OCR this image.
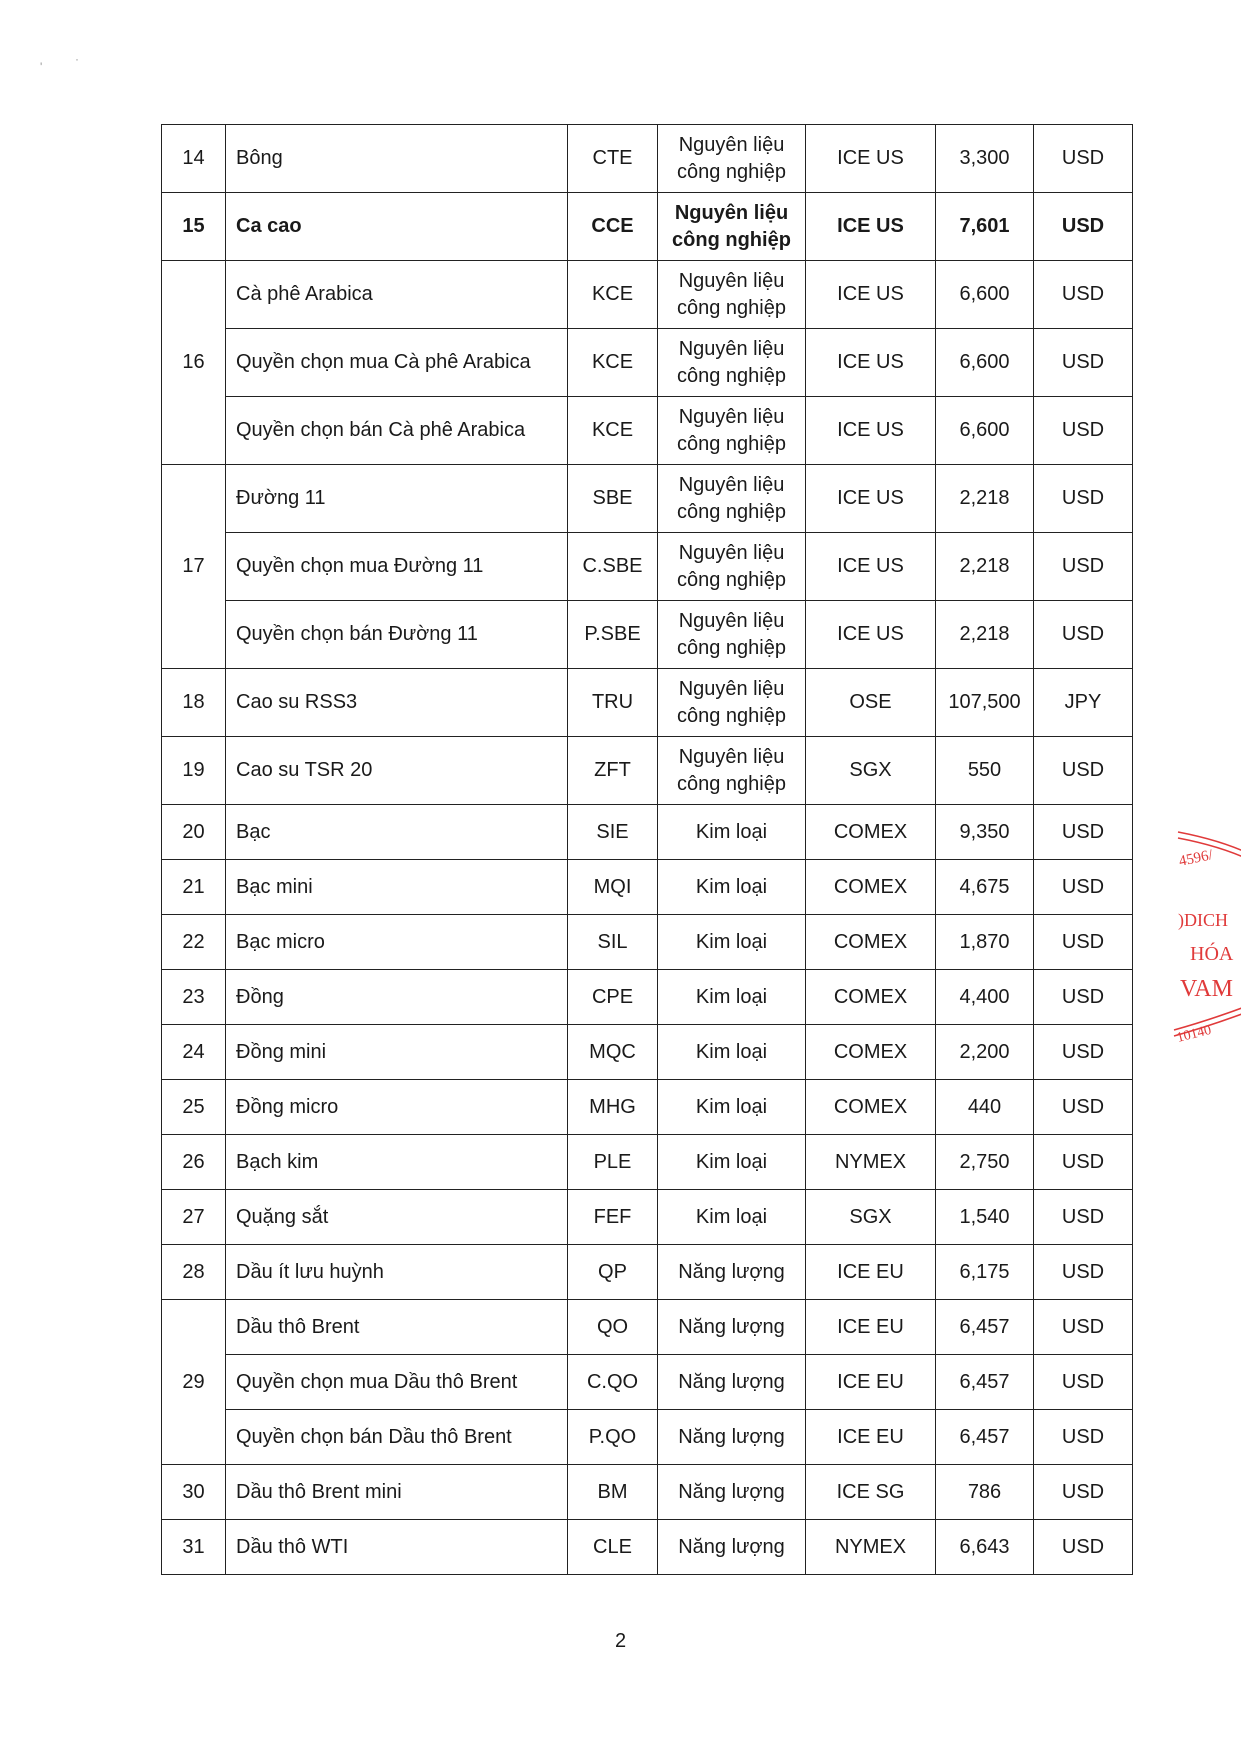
14	Bông	CTE	Nguyên liệu
công nghiệp	ICE US	3,300	USD
15	Ca cao	CCE	Nguyên liệu
công nghiệp	ICE US	7,601	USD
16	Cà phê Arabica	KCE	Nguyên liệu
công nghiệp	ICE US	6,600	USD
	Quyền chọn mua Cà phê Arabica	KCE	Nguyên liệu
công nghiệp	ICE US	6,600	USD
	Quyền chọn bán Cà phê Arabica	KCE	Nguyên liệu
công nghiệp	ICE US	6,600	USD
17	Đường 11	SBE	Nguyên liệu
công nghiệp	ICE US	2,218	USD
	Quyền chọn mua Đường 11	C.SBE	Nguyên liệu
công nghiệp	ICE US	2,218	USD
	Quyền chọn bán Đường 11	P.SBE	Nguyên liệu
công nghiệp	ICE US	2,218	USD
18	Cao su RSS3	TRU	Nguyên liệu
công nghiệp	OSE	107,500	JPY
19	Cao su TSR 20	ZFT	Nguyên liệu
công nghiệp	SGX	550	USD
20	Bạc	SIE	Kim loại	COMEX	9,350	USD
21	Bạc mini	MQI	Kim loại	COMEX	4,675	USD
22	Bạc micro	SIL	Kim loại	COMEX	1,870	USD
23	Đồng	CPE	Kim loại	COMEX	4,400	USD
24	Đồng mini	MQC	Kim loại	COMEX	2,200	USD
25	Đồng micro	MHG	Kim loại	COMEX	440	USD
26	Bạch kim	PLE	Kim loại	NYMEX	2,750	USD
27	Quặng sắt	FEF	Kim loại	SGX	1,540	USD
28	Dầu ít lưu huỳnh	QP	Năng lượng	ICE EU	6,175	USD
29	Dầu thô Brent	QO	Năng lượng	ICE EU	6,457	USD
	Quyền chọn mua Dầu thô Brent	C.QO	Năng lượng	ICE EU	6,457	USD
	Quyền chọn bán Dầu thô Brent	P.QO	Năng lượng	ICE EU	6,457	USD
30	Dầu thô Brent mini	BM	Năng lượng	ICE SG	786	USD
31	Dầu thô WTI	CLE	Năng lượng	NYMEX	6,643	USD
2
4596/
)DICH
HÓA
VAM
10140
'
·
